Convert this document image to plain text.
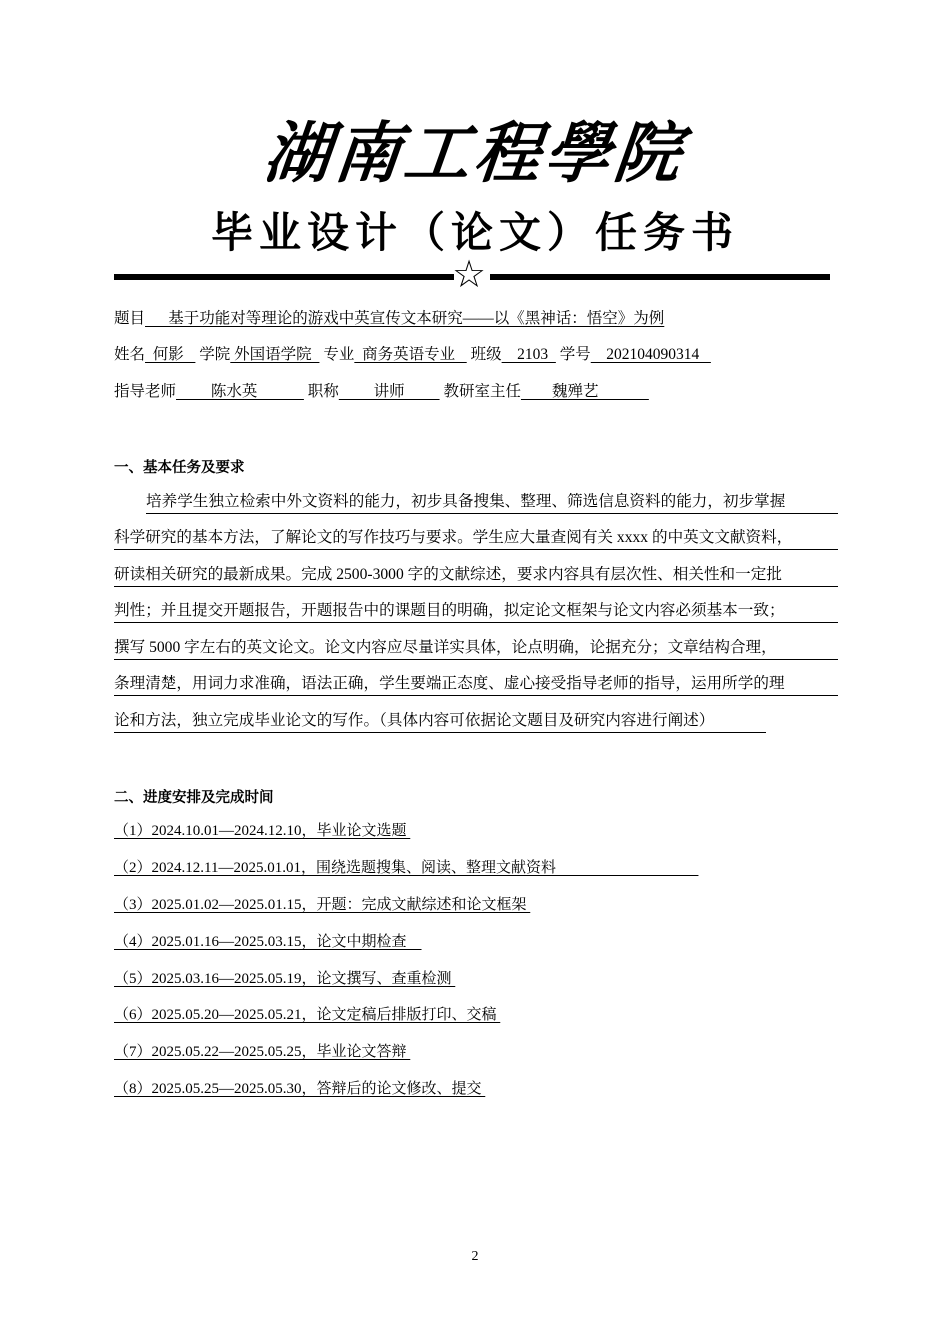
湖南工程學院
毕业设计（论文）任务书
☆
题目      基于功能对等理论的游戏中英宣传文本研究——以《黑神话：悟空》为例
姓名  何影    学院 外国语学院   专业  商务英语专业    班级    2103   学号    202104090314
指导老师         陈水英             职称         讲师          教研室主任        魏殚艺
一、基本任务及要求
培养学生独立检索中外文资料的能力，初步具备搜集、整理、筛选信息资料的能力，初步掌握
科学研究的基本方法，了解论文的写作技巧与要求。学生应大量查阅有关 xxxx 的中英文文献资料，
研读相关研究的最新成果。完成 2500-3000 字的文献综述，要求内容具有层次性、相关性和一定批
判性；并且提交开题报告，开题报告中的课题目的明确，拟定论文框架与论文内容必须基本一致；
撰写 5000 字左右的英文论文。论文内容应尽量详实具体，论点明确，论据充分；文章结构合理，
条理清楚，用词力求准确，语法正确，学生要端正态度、虚心接受指导老师的指导，运用所学的理
论和方法，独立完成毕业论文的写作。（具体内容可依据论文题目及研究内容进行阐述）
二、进度安排及完成时间
（1）2024.10.01—2024.12.10，毕业论文选题
（2）2024.12.11—2025.01.01，围绕选题搜集、阅读、整理文献资料
（3）2025.01.02—2025.01.15，开题：完成文献综述和论文框架
（4）2025.01.16—2025.03.15，论文中期检查
（5）2025.03.16—2025.05.19，论文撰写、查重检测
（6）2025.05.20—2025.05.21，论文定稿后排版打印、交稿
（7）2025.05.22—2025.05.25，毕业论文答辩
（8）2025.05.25—2025.05.30，答辩后的论文修改、提交
2
